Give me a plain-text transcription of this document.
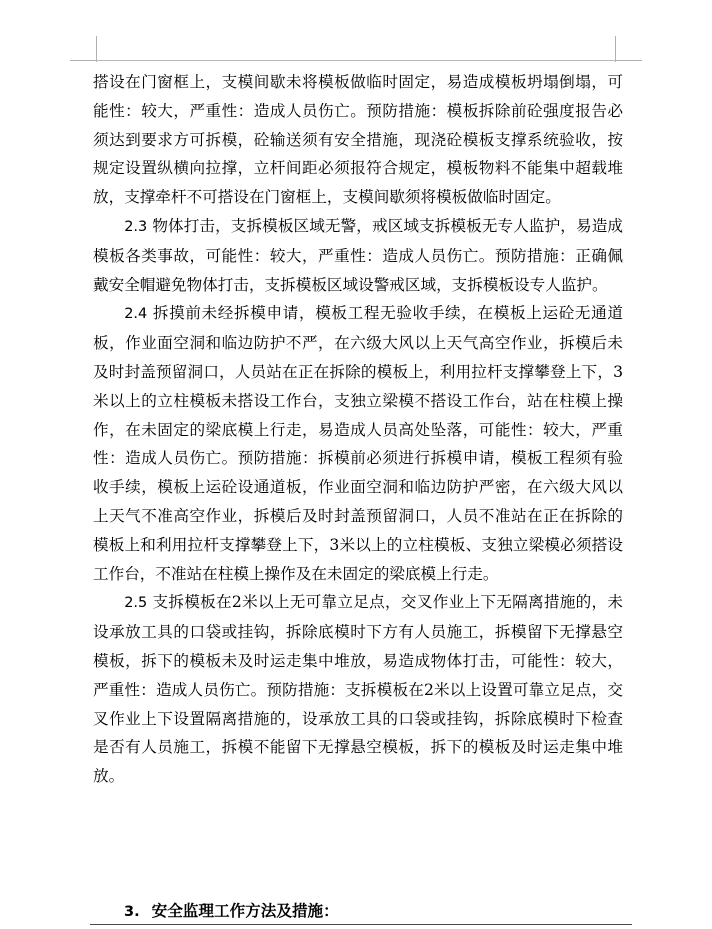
搭设在门窗框上，支模间歇未将模板做临时固定，易造成模板坍塌倒塌，可能性：较大，严重性：造成人员伤亡。预防措施：模板拆除前砼强度报告必须达到要求方可拆模，砼输送须有安全措施，现浇砼模板支撑系统验收，按规定设置纵横向拉撑，立杆间距必须报符合规定，模板物料不能集中超载堆放，支撑牵杆不可搭设在门窗框上，支模间歇须将模板做临时固定。

2.3 物体打击，支拆模板区域无警，戒区域支拆模板无专人监护，易造成模板各类事故，可能性：较大，严重性：造成人员伤亡。预防措施：正确佩戴安全帽避免物体打击，支拆模板区域设警戒区域，支拆模板设专人监护。

2.4 拆摸前未经拆模申请，模板工程无验收手续，在模板上运砼无通道板，作业面空洞和临边防护不严，在六级大风以上天气高空作业，拆模后未及时封盖预留洞口，人员站在正在拆除的模板上，利用拉杆支撑攀登上下，3米以上的立柱模板未搭设工作台，支独立梁模不搭设工作台，站在柱模上操作，在未固定的梁底模上行走，易造成人员高处坠落，可能性：较大，严重性：造成人员伤亡。预防措施：拆模前必须进行拆模申请，模板工程须有验收手续，模板上运砼设通道板，作业面空洞和临边防护严密，在六级大风以上天气不准高空作业，拆模后及时封盖预留洞口，人员不准站在正在拆除的模板上和利用拉杆支撑攀登上下，3米以上的立柱模板、支独立梁模必须搭设工作台，不准站在柱模上操作及在未固定的梁底模上行走。

2.5 支拆模板在2米以上无可靠立足点，交叉作业上下无隔离措施的，未设承放工具的口袋或挂钩，拆除底模时下方有人员施工，拆模留下无撑悬空模板，拆下的模板未及时运走集中堆放，易造成物体打击，可能性：较大，严重性：造成人员伤亡。预防措施：支拆模板在2米以上设置可靠立足点，交叉作业上下设置隔离措施的，设承放工具的口袋或挂钩，拆除底模时下检查是否有人员施工，拆模不能留下无撑悬空模板，拆下的模板及时运走集中堆放。

3. 安全监理工作方法及措施：
